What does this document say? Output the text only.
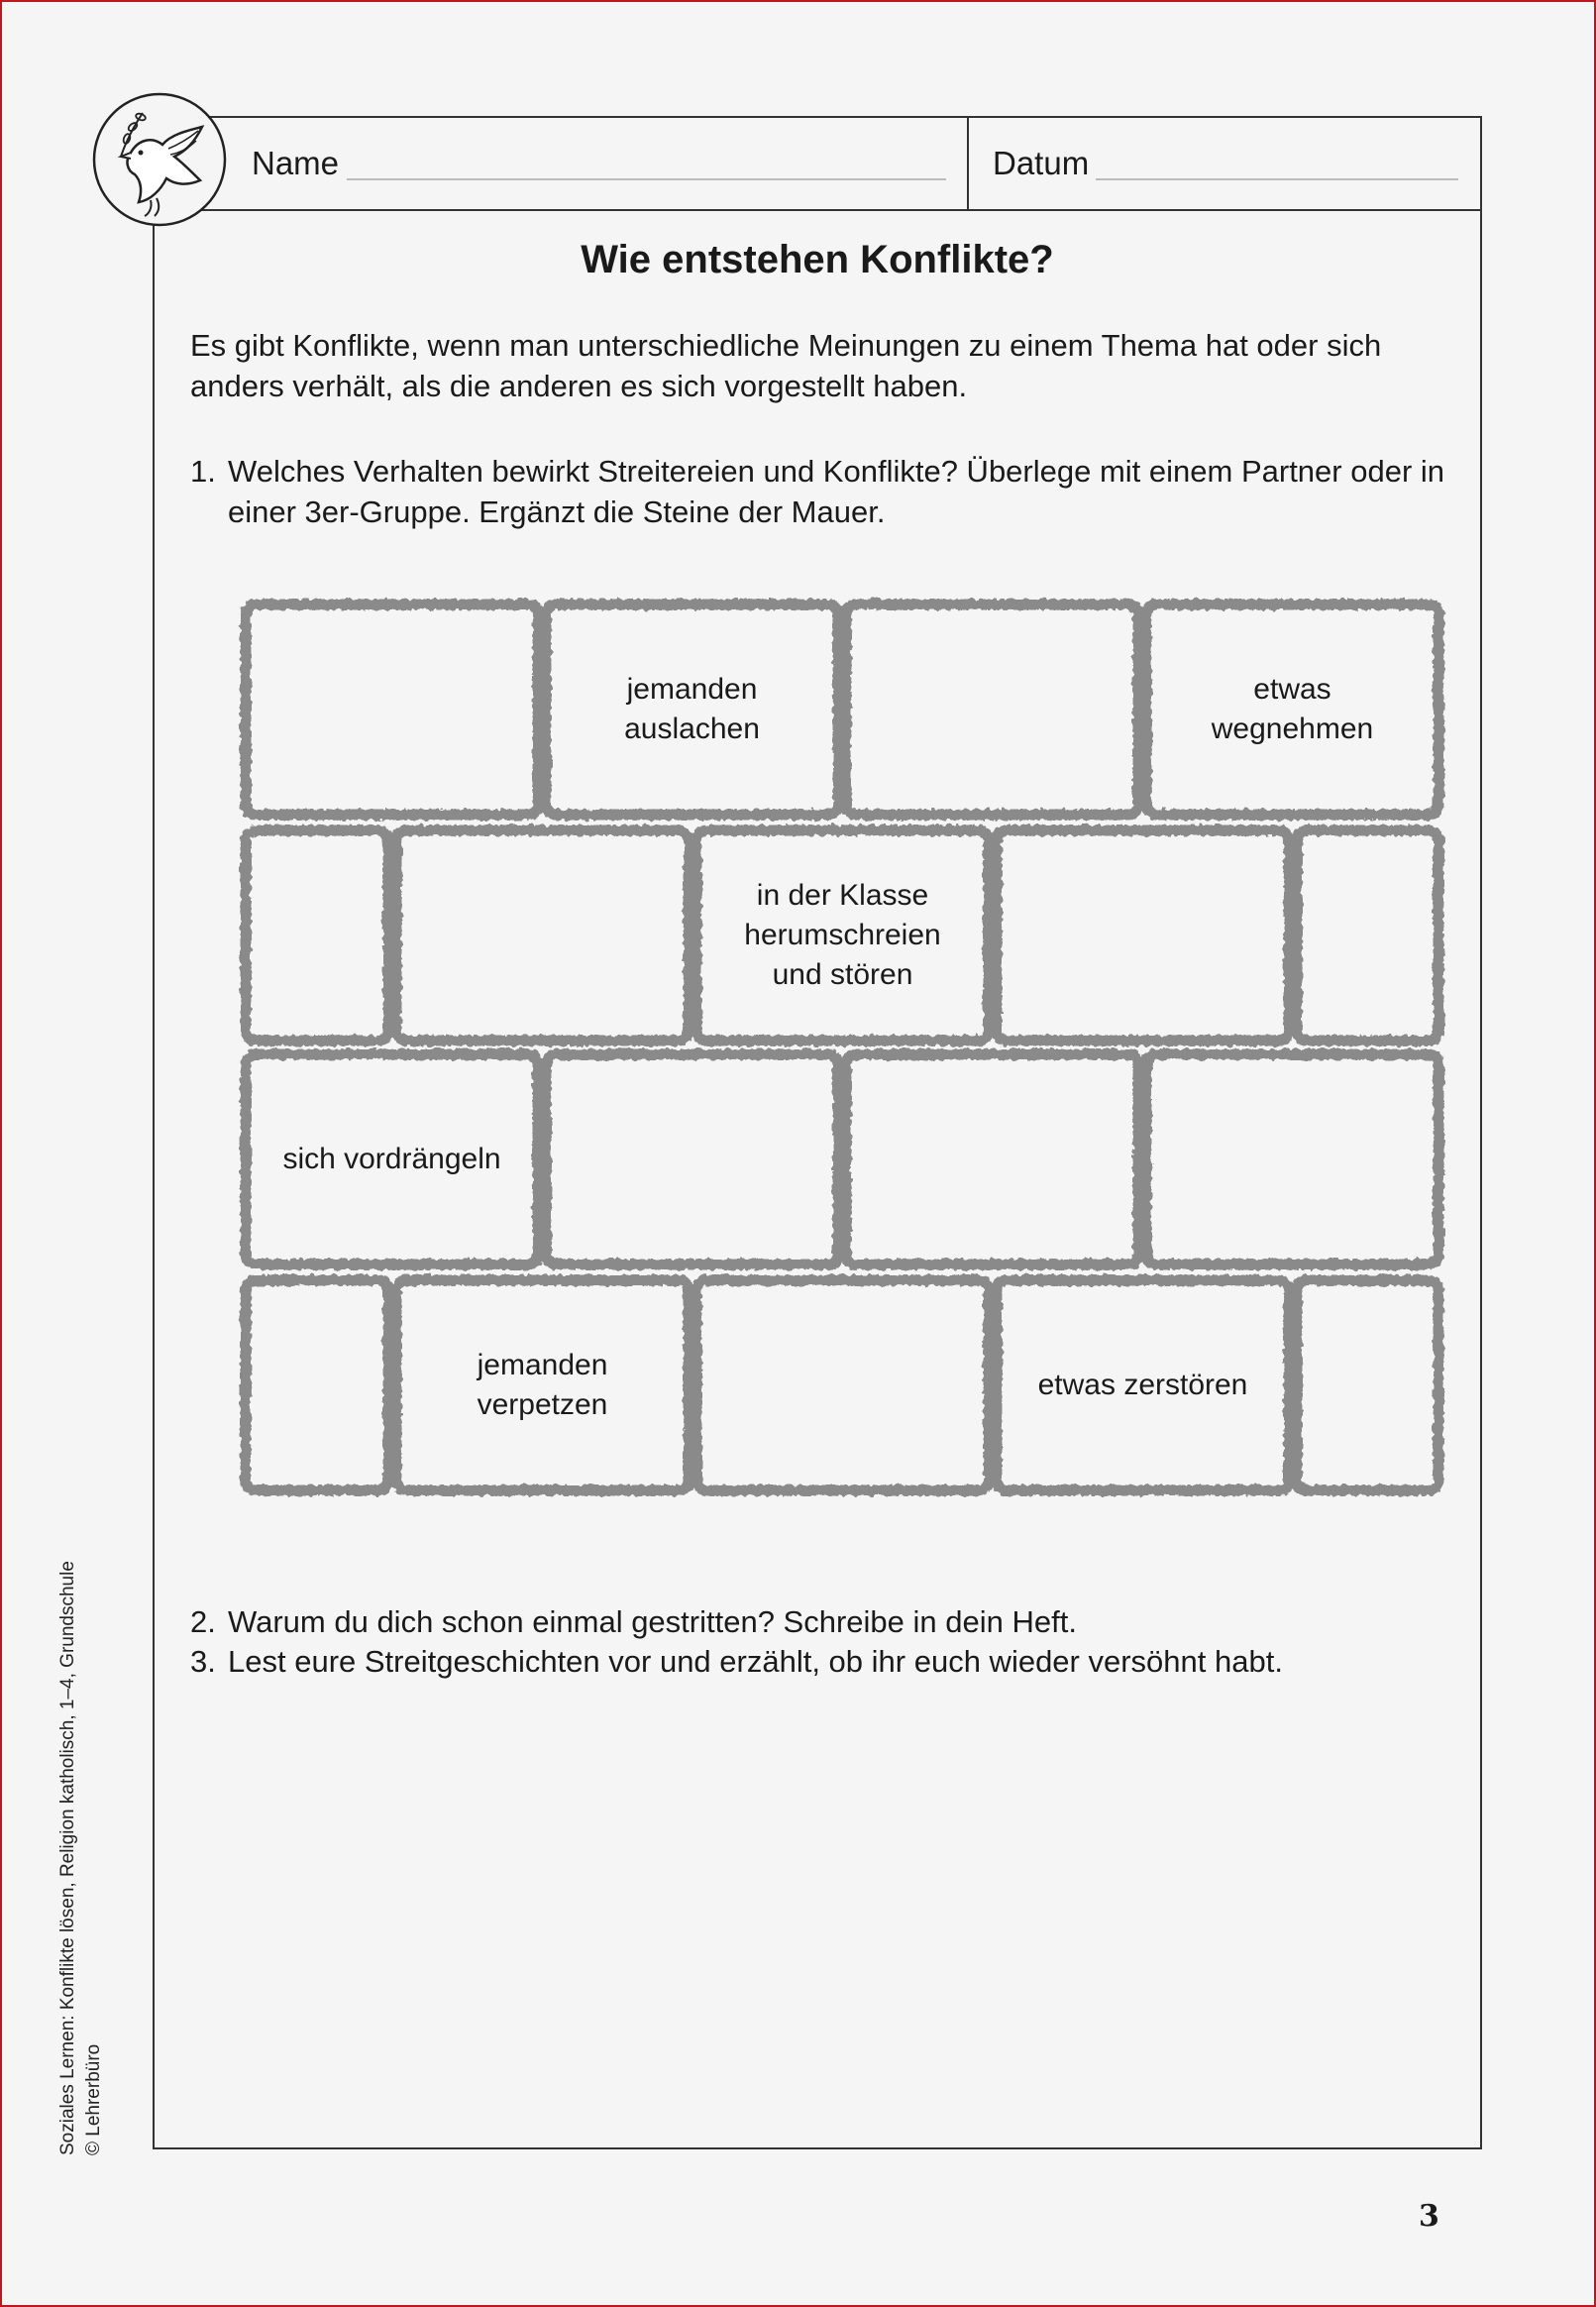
Name	Datum
Wie entstehen Konflikte?
Es gibt Konflikte, wenn man unterschiedliche Meinungen zu einem Thema hat oder sich anders verhält, als die anderen es sich vorgestellt haben.
1. Welches Verhalten bewirkt Streitereien und Konflikte? Überlege mit einem Partner oder in einer 3er-Gruppe. Ergänzt die Steine der Mauer.
jemanden
auslachen
etwas
wegnehmen
in der Klasse
herumschreien
und stören
sich vordrängeln
jemanden
verpetzen
etwas zerstören
2. Warum du dich schon einmal gestritten? Schreibe in dein Heft.
3. Lest eure Streitgeschichten vor und erzählt, ob ihr euch wieder versöhnt habt.
Soziales Lernen: Konflikte lösen, Religion katholisch, 1–4, Grundschule © Lehrerbüro
3
